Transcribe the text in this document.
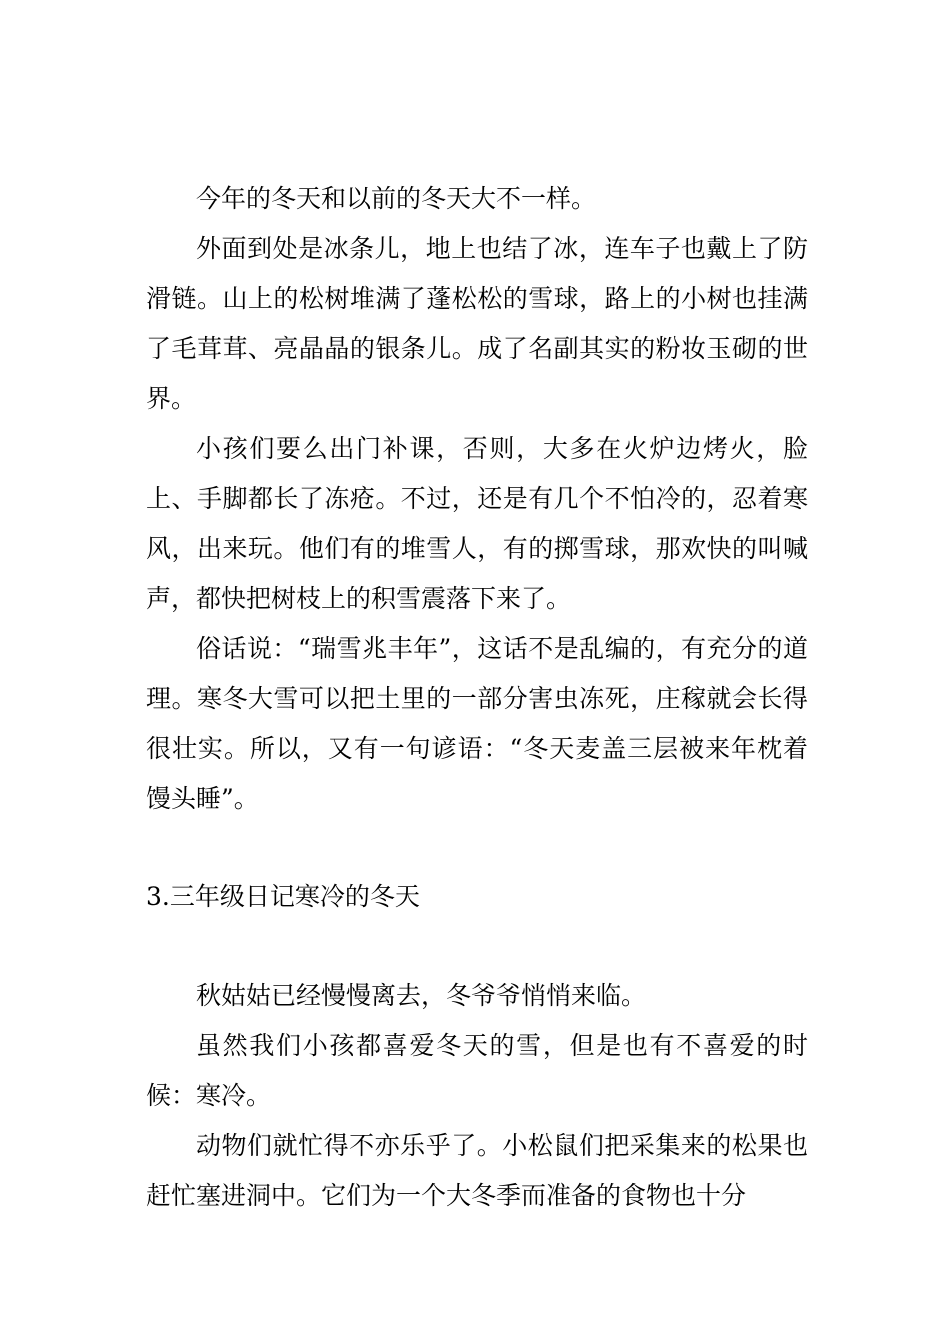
今年的冬天和以前的冬天大不一样。

外面到处是冰条儿，地上也结了冰，连车子也戴上了防滑链。山上的松树堆满了蓬松松的雪球，路上的小树也挂满了毛茸茸、亮晶晶的银条儿。成了名副其实的粉妆玉砌的世界。

小孩们要么出门补课，否则，大多在火炉边烤火，脸上、手脚都长了冻疮。不过，还是有几个不怕冷的，忍着寒风，出来玩。他们有的堆雪人，有的掷雪球，那欢快的叫喊声，都快把树枝上的积雪震落下来了。

俗话说：“瑞雪兆丰年”，这话不是乱编的，有充分的道理。寒冬大雪可以把土里的一部分害虫冻死，庄稼就会长得很壮实。所以，又有一句谚语：“冬天麦盖三层被来年枕着馒头睡”。

3.三年级日记寒冷的冬天

秋姑姑已经慢慢离去，冬爷爷悄悄来临。

虽然我们小孩都喜爱冬天的雪，但是也有不喜爱的时候：寒冷。

动物们就忙得不亦乐乎了。小松鼠们把采集来的松果也赶忙塞进洞中。它们为一个大冬季而准备的食物也十分
